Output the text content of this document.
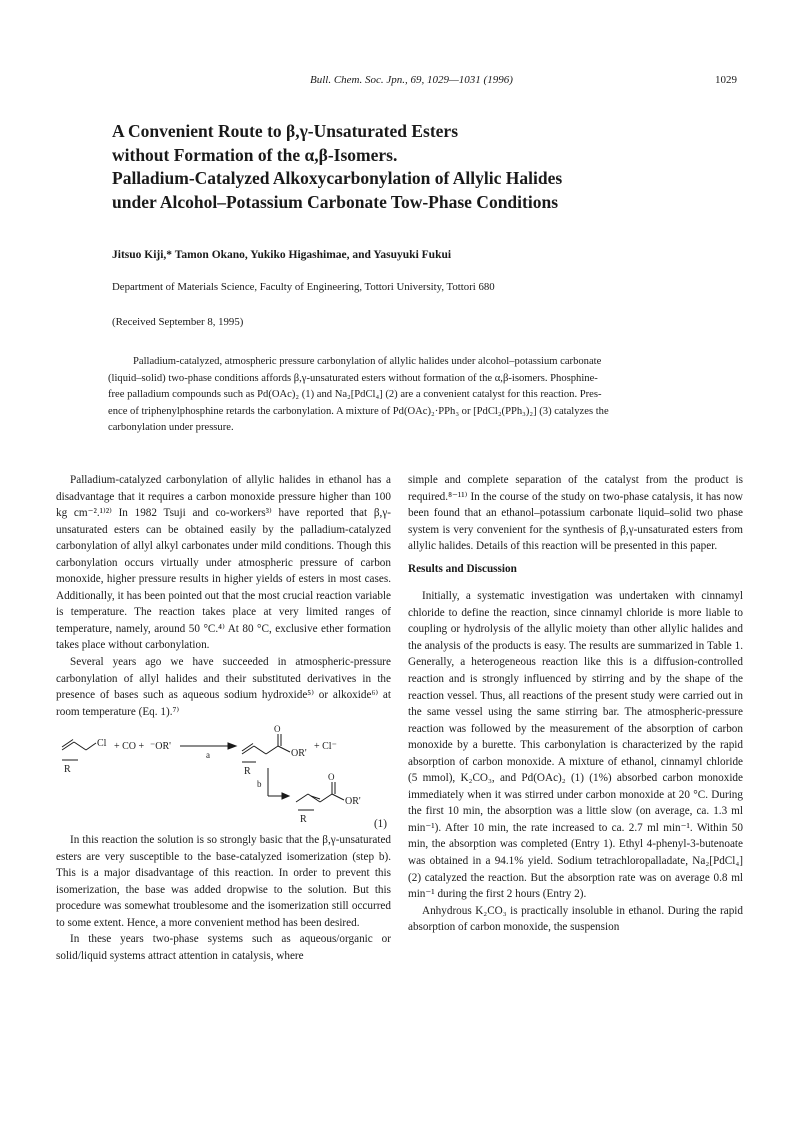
Bull. Chem. Soc. Jpn., 69, 1029—1031 (1996)	1029
A Convenient Route to β,γ-Unsaturated Esters
without Formation of the α,β-Isomers.
Palladium-Catalyzed Alkoxycarbonylation of Allylic Halides
under Alcohol–Potassium Carbonate Tow-Phase Conditions
Jitsuo Kiji,* Tamon Okano, Yukiko Higashimae, and Yasuyuki Fukui
Department of Materials Science, Faculty of Engineering, Tottori University, Tottori 680
(Received September 8, 1995)
Palladium-catalyzed, atmospheric pressure carbonylation of allylic halides under alcohol–potassium carbonate
(liquid–solid) two-phase conditions affords β,γ-unsaturated esters without formation of the α,β-isomers. Phosphine-
free palladium compounds such as Pd(OAc)₂ (1) and Na₂[PdCl₄] (2) are a convenient catalyst for this reaction. Pres-
ence of triphenylphosphine retards the carbonylation. A mixture of Pd(OAc)₂·PPh₃ or [PdCl₂(PPh₃)₂] (3) catalyzes the
carbonylation under pressure.

Palladium-catalyzed carbonylation of allylic halides in ethanol has a disadvantage that it requires a carbon monoxide pressure higher than 100 kg cm⁻².¹⁾²⁾ In 1982 Tsuji and co-workers³⁾ have reported that β,γ-unsaturated esters can be obtained easily by the palladium-catalyzed carbonylation of allyl alkyl carbonates under mild conditions. Though this carbonylation occurs virtually under atmospheric pressure of carbon monoxide, higher pressure results in higher yields of esters in most cases. Additionally, it has been pointed out that the most crucial reaction variable is temperature. The reaction takes place at very limited ranges of temperature, namely, around 50 °C.⁴⁾ At 80 °C, exclusive ether formation takes place without carbonylation.

Several years ago we have succeeded in atmospheric-pressure carbonylation of allyl halides and their substituted derivatives in the presence of bases such as aqueous sodium hydroxide⁵⁾ or alkoxide⁶⁾ at room temperature (Eq. 1).⁷⁾

Cl
R
+ CO + ⁻OR'
a
O
OR'
+ Cl⁻
R
b
O
OR'
R	(1)

In this reaction the solution is so strongly basic that the β,γ-unsaturated esters are very susceptible to the base-catalyzed isomerization (step b). This is a major disadvantage of this reaction. In order to prevent this isomerization, the base was added dropwise to the solution. But this procedure was somewhat troublesome and the isomerization still occurred to some extent. Hence, a more convenient method has been desired.

In these years two-phase systems such as aqueous/organic or solid/liquid systems attract attention in catalysis, where

simple and complete separation of the catalyst from the product is required.⁸⁻¹¹⁾ In the course of the study on two-phase catalysis, it has now been found that an ethanol–potassium carbonate liquid–solid two phase system is very convenient for the synthesis of β,γ-unsaturated esters from allylic halides. Details of this reaction will be presented in this paper.

Results and Discussion

Initially, a systematic investigation was undertaken with cinnamyl chloride to define the reaction, since cinnamyl chloride is more liable to coupling or hydrolysis of the allylic moiety than other allylic halides and the analysis of the products is easy. The results are summarized in Table 1. Generally, a heterogeneous reaction like this is a diffusion-controlled reaction and is strongly influenced by stirring and by the shape of the reaction vessel. Thus, all reactions of the present study were carried out in the same vessel using the same stirring bar. The atmospheric-pressure reaction was followed by the measurement of the absorption of carbon monoxide by a burette. This carbonylation is characterized by the rapid absorption of carbon monoxide. A mixture of ethanol, cinnamyl chloride (5 mmol), K₂CO₃, and Pd(OAc)₂ (1) (1%) absorbed carbon monoxide immediately when it was stirred under carbon monoxide at 20 °C. During the first 10 min, the absorption was a little slow (on average, ca. 1.3 ml min⁻¹). After 10 min, the rate increased to ca. 2.7 ml min⁻¹. Within 50 min, the absorption was completed (Entry 1). Ethyl 4-phenyl-3-butenoate was obtained in a 94.1% yield. Sodium tetrachloropalladate, Na₂[PdCl₄] (2) catalyzed the reaction. But the absorption rate was on average 0.8 ml min⁻¹ during the first 2 hours (Entry 2).

Anhydrous K₂CO₃ is practically insoluble in ethanol. During the rapid absorption of carbon monoxide, the suspension
